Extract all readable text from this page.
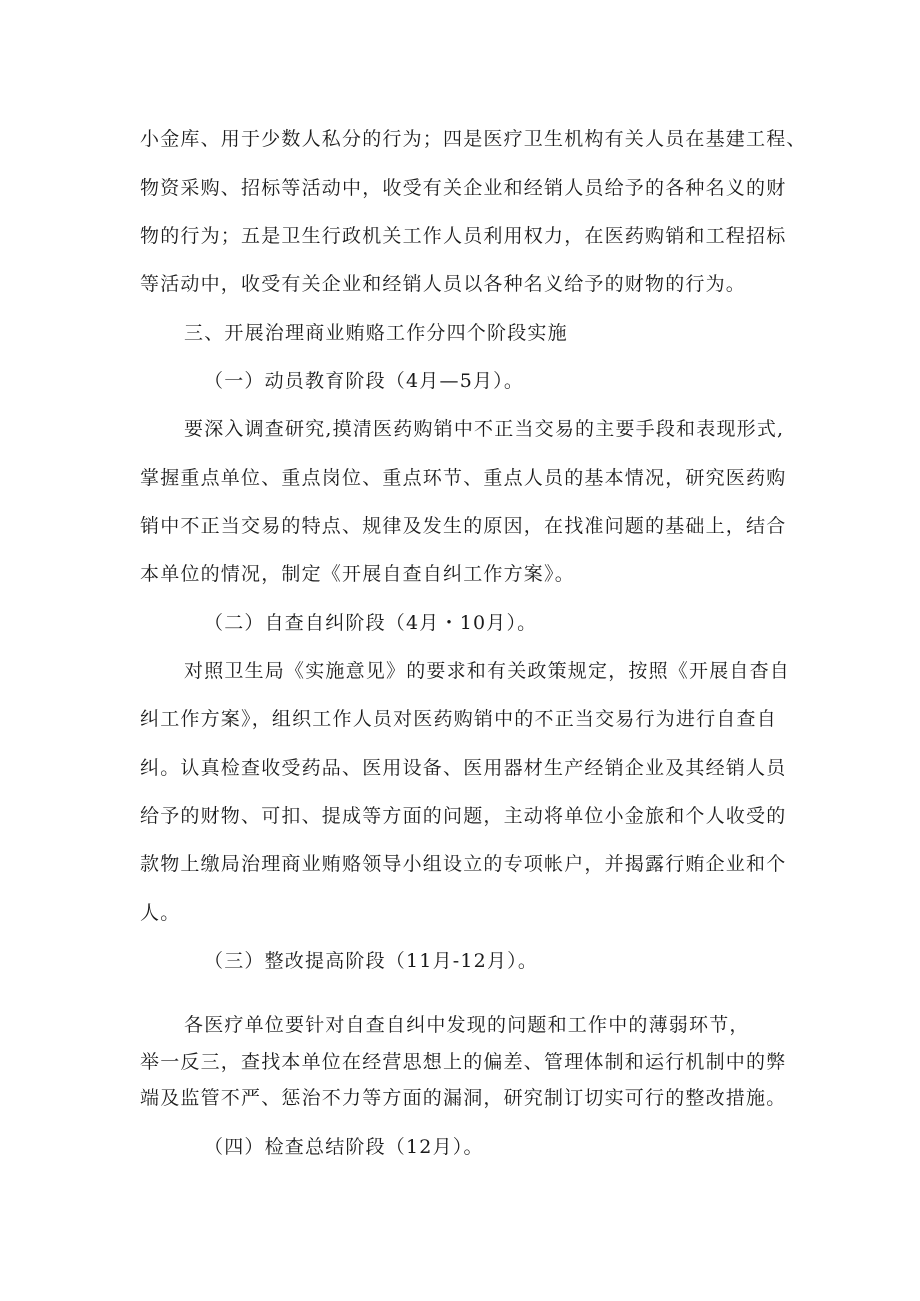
小金库、用于少数人私分的行为；四是医疗卫生机构有关人员在基建工程、
物资采购、招标等活动中，收受有关企业和经销人员给予的各种名义的财
物的行为；五是卫生行政机关工作人员利用权力，在医药购销和工程招标
等活动中，收受有关企业和经销人员以各种名义给予的财物的行为。
三、开展治理商业贿赂工作分四个阶段实施
（一）动员教育阶段（4月—5月）。
要深入调查研究,摸清医药购销中不正当交易的主要手段和表现形式,
掌握重点单位、重点岗位、重点环节、重点人员的基本情况，研究医药购
销中不正当交易的特点、规律及发生的原因，在找准问题的基础上，结合
本单位的情况，制定《开展自查自纠工作方案》。
（二）自查自纠阶段（4月・10月）。
对照卫生局《实施意见》的要求和有关政策规定，按照《开展自杳自
纠工作方案》，组织工作人员对医药购销中的不正当交易行为进行自查自
纠。认真检查收受药品、医用设备、医用器材生产经销企业及其经销人员
给予的财物、可扣、提成等方面的问题，主动将单位小金旅和个人收受的
款物上缴局治理商业贿赂领导小组设立的专项帐户，并揭露行贿企业和个
人。
（三）整改提高阶段（11月-12月）。
各医疗单位要针对自查自纠中发现的问题和工作中的薄弱环节，
举一反三，查找本单位在经营思想上的偏差、管理体制和运行机制中的弊
端及监管不严、惩治不力等方面的漏洞，研究制订切实可行的整改措施。
（四）检查总结阶段（12月）。
